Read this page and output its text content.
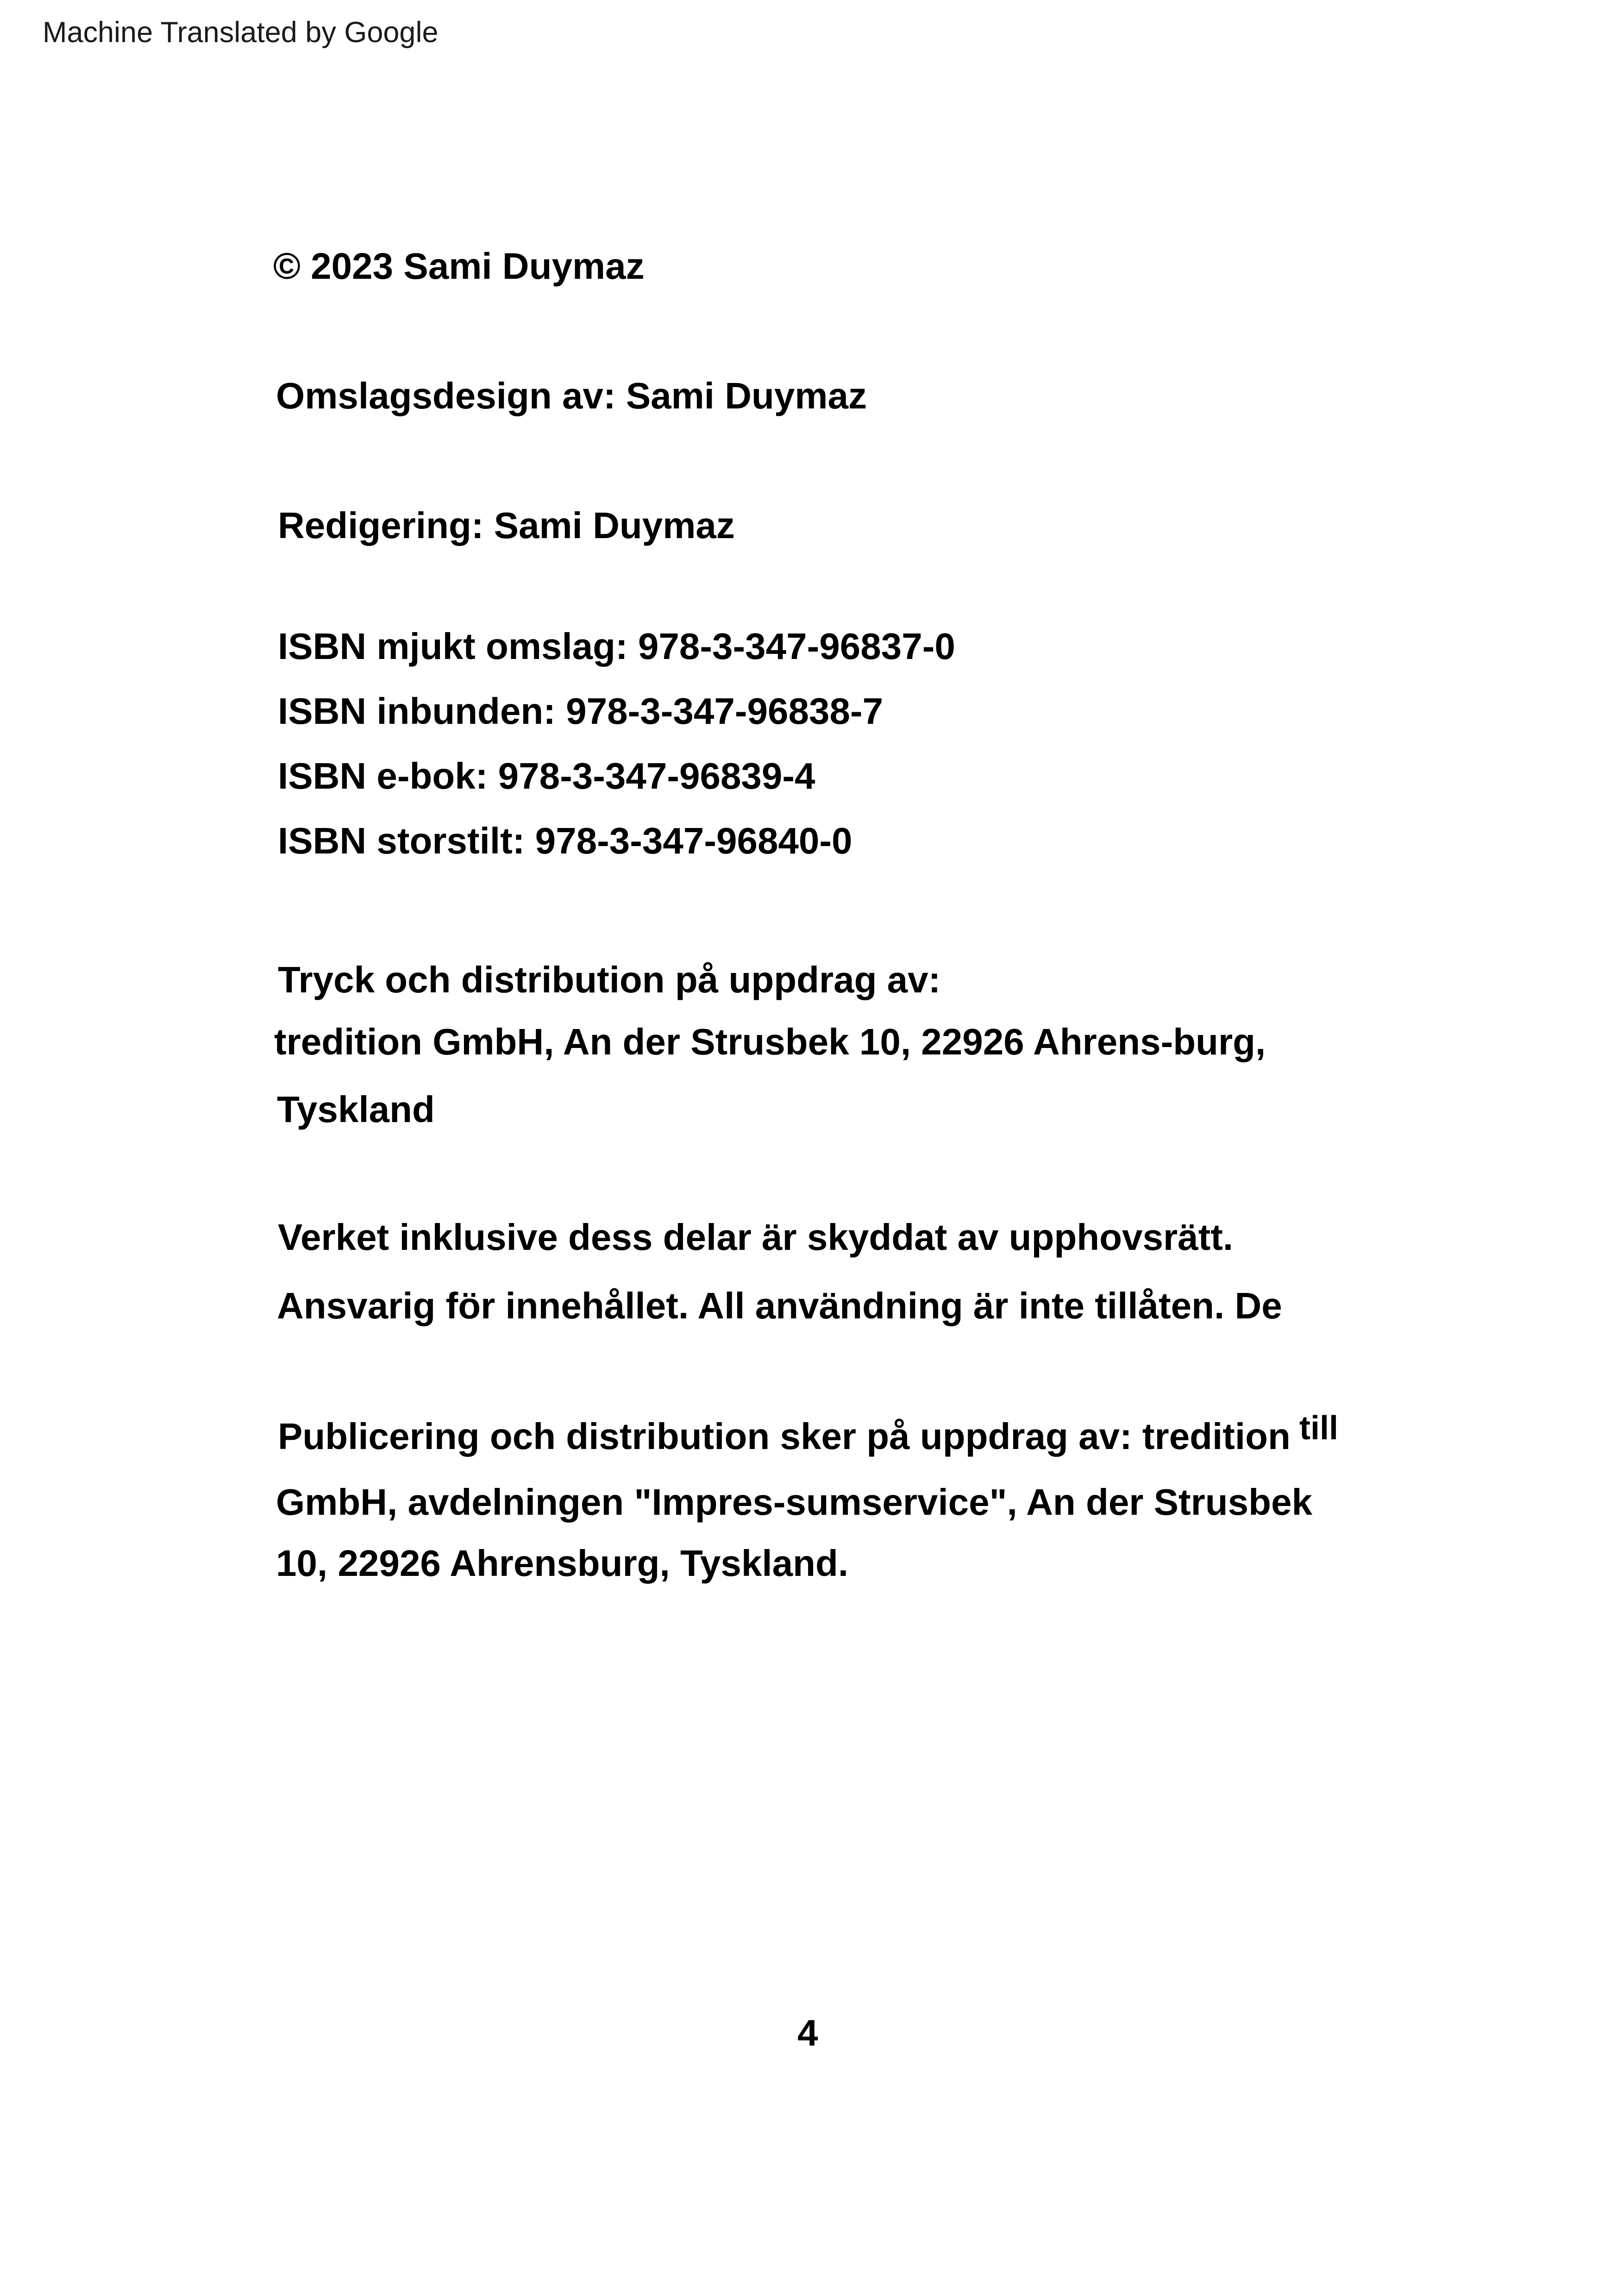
Machine Translated by Google
© 2023 Sami Duymaz
Omslagsdesign av: Sami Duymaz
Redigering: Sami Duymaz
ISBN mjukt omslag: 978-3-347-96837-0
ISBN inbunden: 978-3-347-96838-7
ISBN e-bok: 978-3-347-96839-4
ISBN storstilt: 978-3-347-96840-0
Tryck och distribution på uppdrag av:
tredition GmbH, An der Strusbek 10, 22926 Ahrens-burg,
Tyskland
Verket inklusive dess delar är skyddat av upphovsrätt.
Ansvarig för innehållet. All användning är inte tillåten. De
Publicering och distribution sker på uppdrag av: tredition till
GmbH, avdelningen "Impres-sumservice", An der Strusbek
10, 22926 Ahrensburg, Tyskland.
4
